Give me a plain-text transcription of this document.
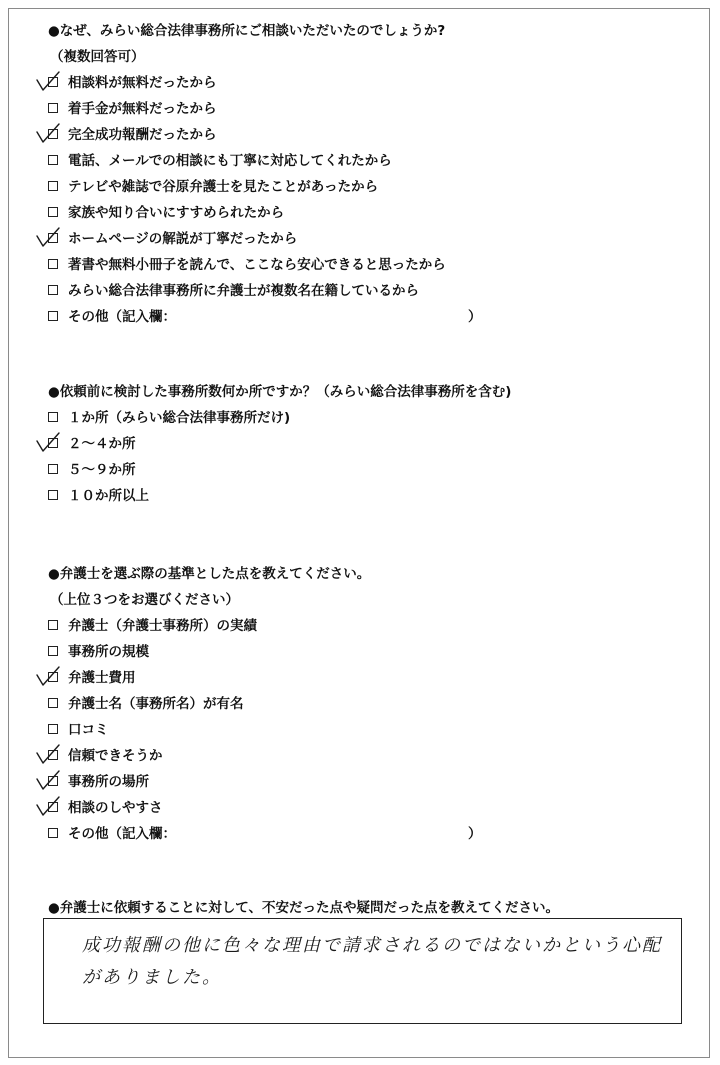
●なぜ、みらい総合法律事務所にご相談いただいたのでしょうか?
（複数回答可）
相談料が無料だったから
着手金が無料だったから
完全成功報酬だったから
電話、メールでの相談にも丁寧に対応してくれたから
テレビや雑誌で谷原弁護士を見たことがあったから
家族や知り合いにすすめられたから
ホームページの解説が丁寧だったから
著書や無料小冊子を読んで、ここなら安心できると思ったから
みらい総合法律事務所に弁護士が複数名在籍しているから
その他（記入欄：	）
●依頼前に検討した事務所数何か所ですか？（みらい総合法律事務所を含む)
１か所（みらい総合法律事務所だけ)
２～４か所
５～９か所
１０か所以上
●弁護士を選ぶ際の基準とした点を教えてください。
（上位３つをお選びください）
弁護士（弁護士事務所）の実績
事務所の規模
弁護士費用
弁護士名（事務所名）が有名
口コミ
信頼できそうか
事務所の場所
相談のしやすさ
その他（記入欄：	）
●弁護士に依頼することに対して、不安だった点や疑問だった点を教えてください。
成功報酬の他に色々な理由で請求されるのではないかという心配
がありました。
